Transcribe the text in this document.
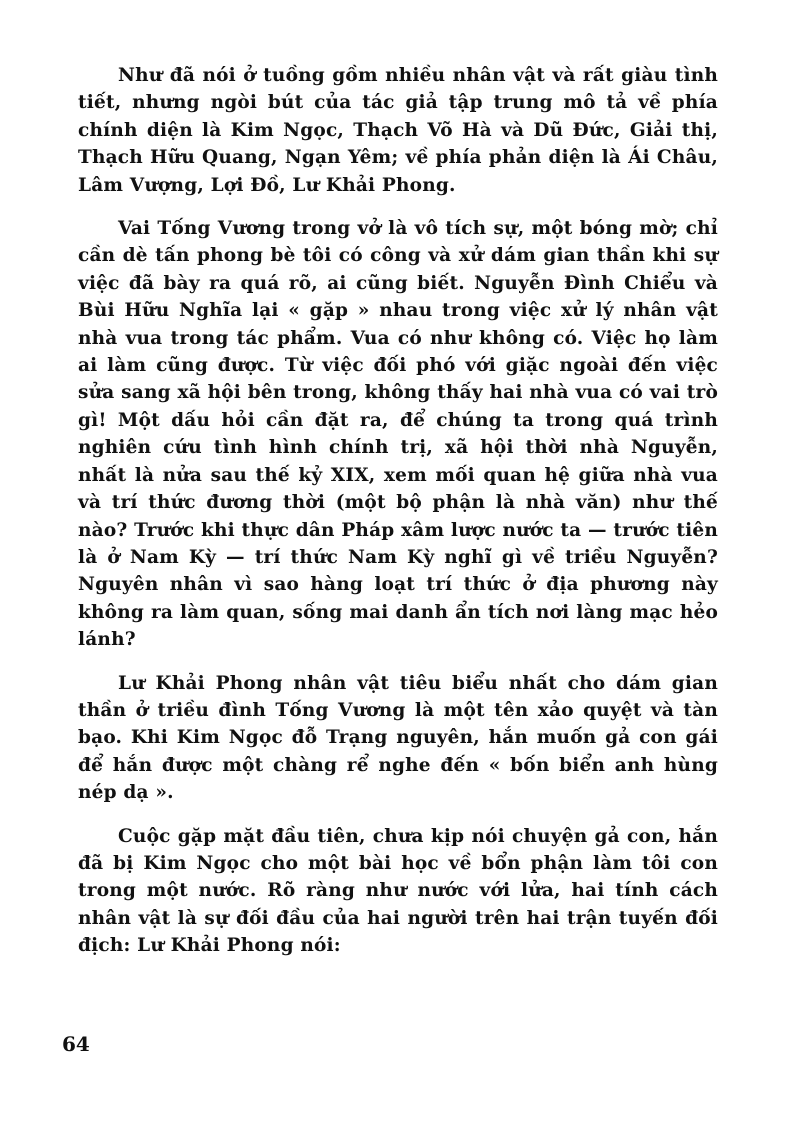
Như đã nói ở tuồng gồm nhiều nhân vật và rất giàu tình tiết, nhưng ngòi bút của tác giả tập trung mô tả về phía chính diện là Kim Ngọc, Thạch Võ Hà và Dũ Đức, Giải thị, Thạch Hữu Quang, Ngạn Yêm; về phía phản diện là Ái Châu, Lâm Vượng, Lợi Đồ, Lư Khải Phong.

Vai Tống Vương trong vở là vô tích sự, một bóng mờ; chỉ cần dè tấn phong bè tôi có công và xử dám gian thần khi sự việc đã bày ra quá rõ, ai cũng biết. Nguyễn Đình Chiểu và Bùi Hữu Nghĩa lại « gặp » nhau trong việc xử lý nhân vật nhà vua trong tác phẩm. Vua có như không có. Việc họ làm ai làm cũng được. Từ việc đối phó với giặc ngoài đến việc sửa sang xã hội bên trong, không thấy hai nhà vua có vai trò gì! Một dấu hỏi cần đặt ra, để chúng ta trong quá trình nghiên cứu tình hình chính trị, xã hội thời nhà Nguyễn, nhất là nửa sau thế kỷ XIX, xem mối quan hệ giữa nhà vua và trí thức đương thời (một bộ phận là nhà văn) như thế nào? Trước khi thực dân Pháp xâm lược nước ta — trước tiên là ở Nam Kỳ — trí thức Nam Kỳ nghĩ gì về triều Nguyễn? Nguyên nhân vì sao hàng loạt trí thức ở địa phương này không ra làm quan, sống mai danh ẩn tích nơi làng mạc hẻo lánh?

Lư Khải Phong nhân vật tiêu biểu nhất cho dám gian thần ở triều đình Tống Vương là một tên xảo quyệt và tàn bạo. Khi Kim Ngọc đỗ Trạng nguyên, hắn muốn gả con gái để hắn được một chàng rể nghe đến « bốn biển anh hùng nép dạ ».

Cuộc gặp mặt đầu tiên, chưa kịp nói chuyện gả con, hắn đã bị Kim Ngọc cho một bài học về bổn phận làm tôi con trong một nước. Rõ ràng như nước với lửa, hai tính cách nhân vật là sự đối đầu của hai người trên hai trận tuyến đối địch: Lư Khải Phong nói:

64
